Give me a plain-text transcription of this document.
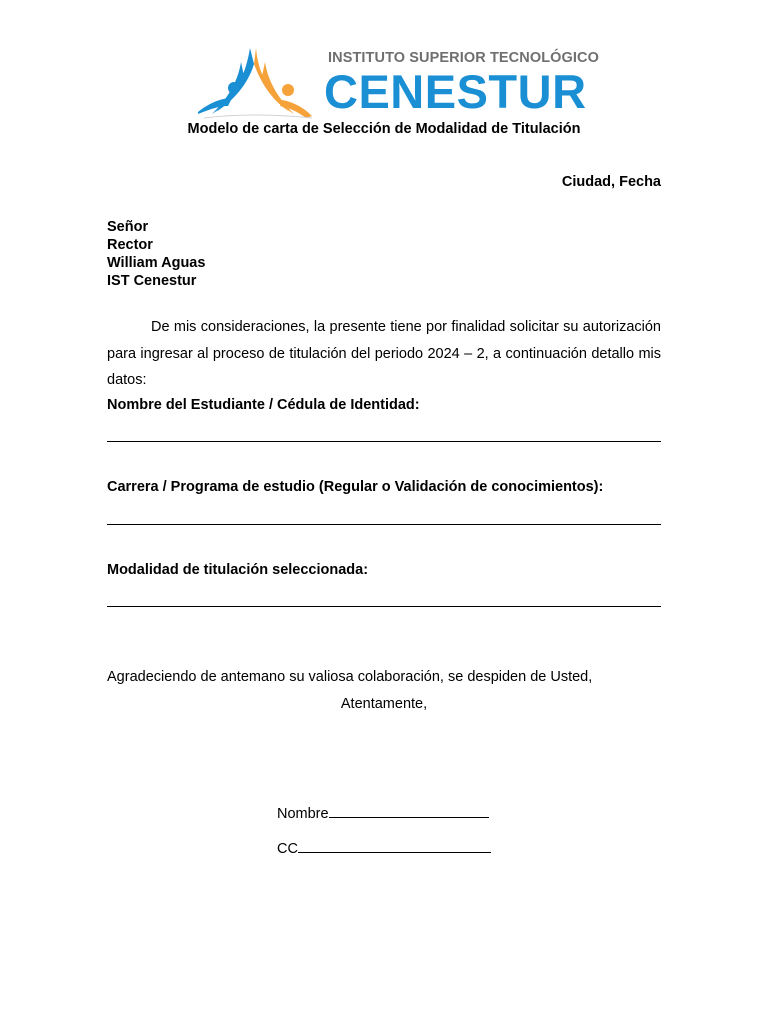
INSTITUTO SUPERIOR TECNOLÓGICO
CENESTUR
Modelo de carta de Selección de Modalidad de Titulación
Ciudad, Fecha
Señor
Rector
William Aguas
IST Cenestur

De mis consideraciones, la presente tiene por finalidad solicitar su autorización para ingresar al proceso de titulación del periodo 2024 – 2, a continuación detallo mis datos:

Nombre del Estudiante / Cédula de Identidad:
Carrera / Programa de estudio (Regular o Validación de conocimientos):
Modalidad de titulación seleccionada:
Agradeciendo de antemano su valiosa colaboración, se despiden de Usted,
Atentamente,
Nombre
CC
